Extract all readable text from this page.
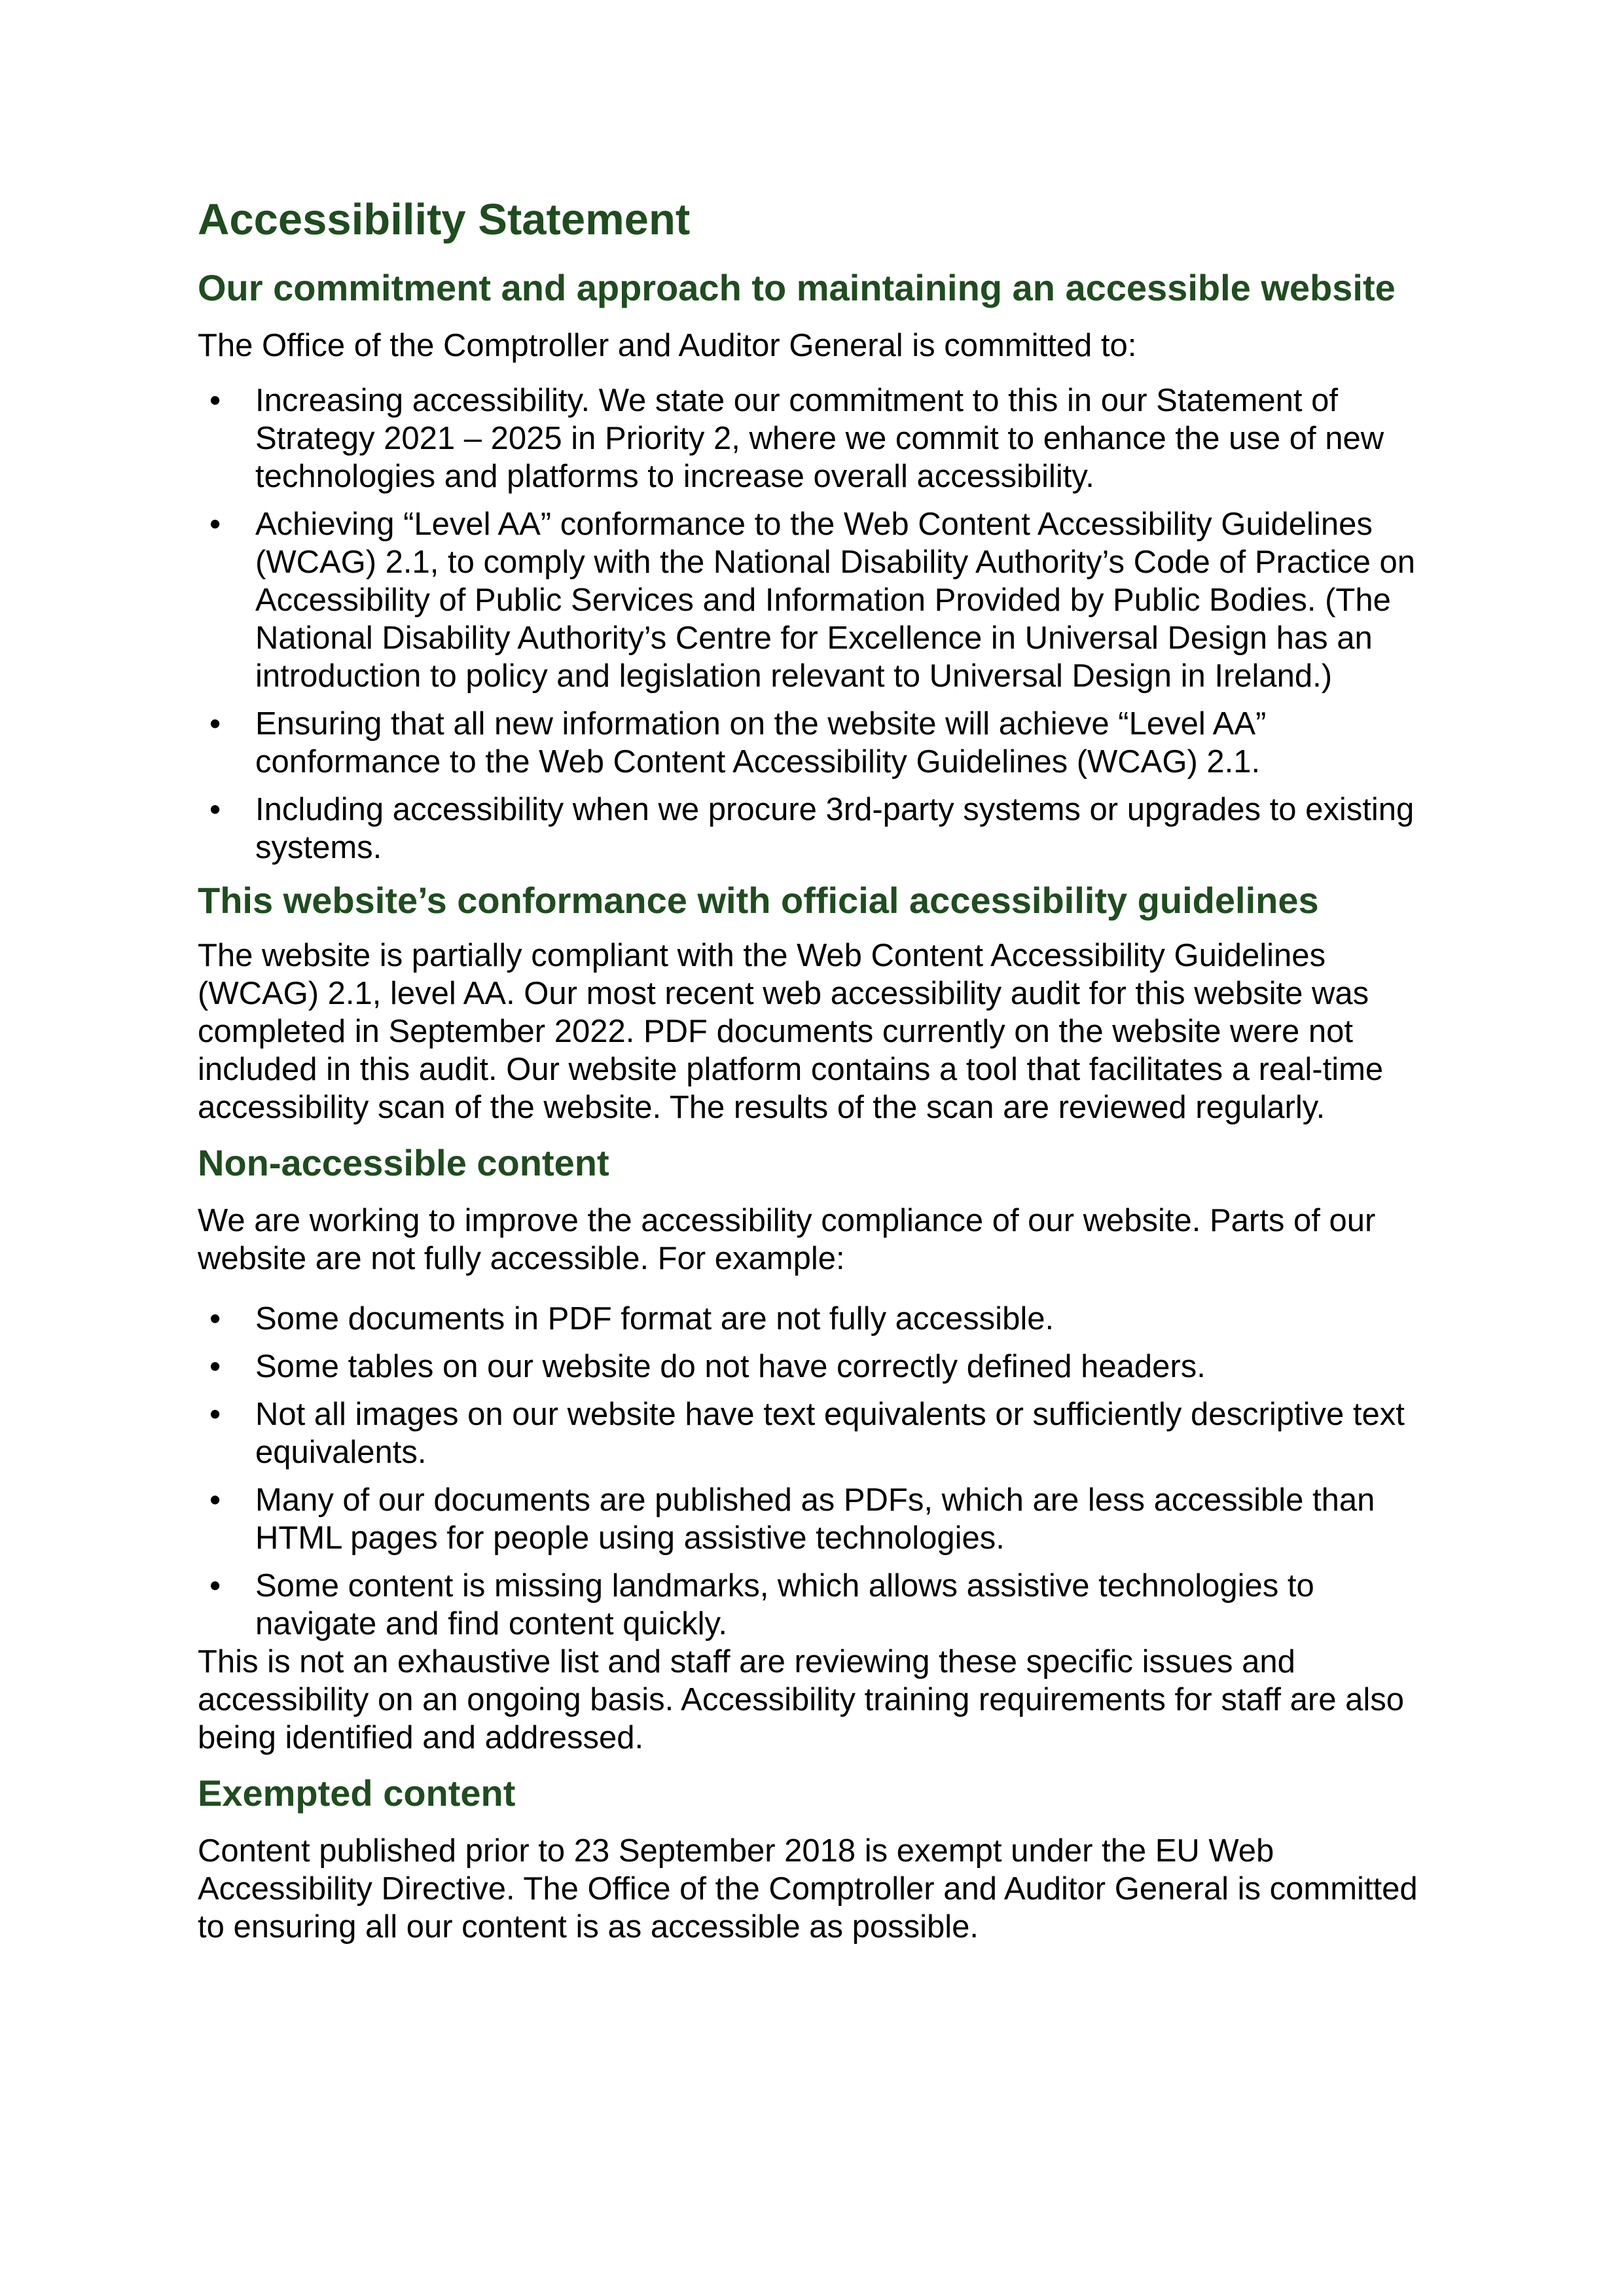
Accessibility Statement
Our commitment and approach to maintaining an accessible website

The Office of the Comptroller and Auditor General is committed to:

• Increasing accessibility. We state our commitment to this in our Statement of Strategy 2021 – 2025 in Priority 2, where we commit to enhance the use of new technologies and platforms to increase overall accessibility.
• Achieving “Level AA” conformance to the Web Content Accessibility Guidelines (WCAG) 2.1, to comply with the National Disability Authority’s Code of Practice on Accessibility of Public Services and Information Provided by Public Bodies. (The National Disability Authority’s Centre for Excellence in Universal Design has an introduction to policy and legislation relevant to Universal Design in Ireland.)
• Ensuring that all new information on the website will achieve “Level AA” conformance to the Web Content Accessibility Guidelines (WCAG) 2.1.
• Including accessibility when we procure 3rd-party systems or upgrades to existing systems.
This website’s conformance with official accessibility guidelines

The website is partially compliant with the Web Content Accessibility Guidelines (WCAG) 2.1, level AA. Our most recent web accessibility audit for this website was completed in September 2022. PDF documents currently on the website were not included in this audit. Our website platform contains a tool that facilitates a real-time accessibility scan of the website. The results of the scan are reviewed regularly.

Non-accessible content

We are working to improve the accessibility compliance of our website. Parts of our website are not fully accessible. For example:

• Some documents in PDF format are not fully accessible.
• Some tables on our website do not have correctly defined headers.
• Not all images on our website have text equivalents or sufficiently descriptive text equivalents.
• Many of our documents are published as PDFs, which are less accessible than HTML pages for people using assistive technologies.
• Some content is missing landmarks, which allows assistive technologies to navigate and find content quickly.

This is not an exhaustive list and staff are reviewing these specific issues and accessibility on an ongoing basis. Accessibility training requirements for staff are also being identified and addressed.

Exempted content

Content published prior to 23 September 2018 is exempt under the EU Web Accessibility Directive. The Office of the Comptroller and Auditor General is committed to ensuring all our content is as accessible as possible.
